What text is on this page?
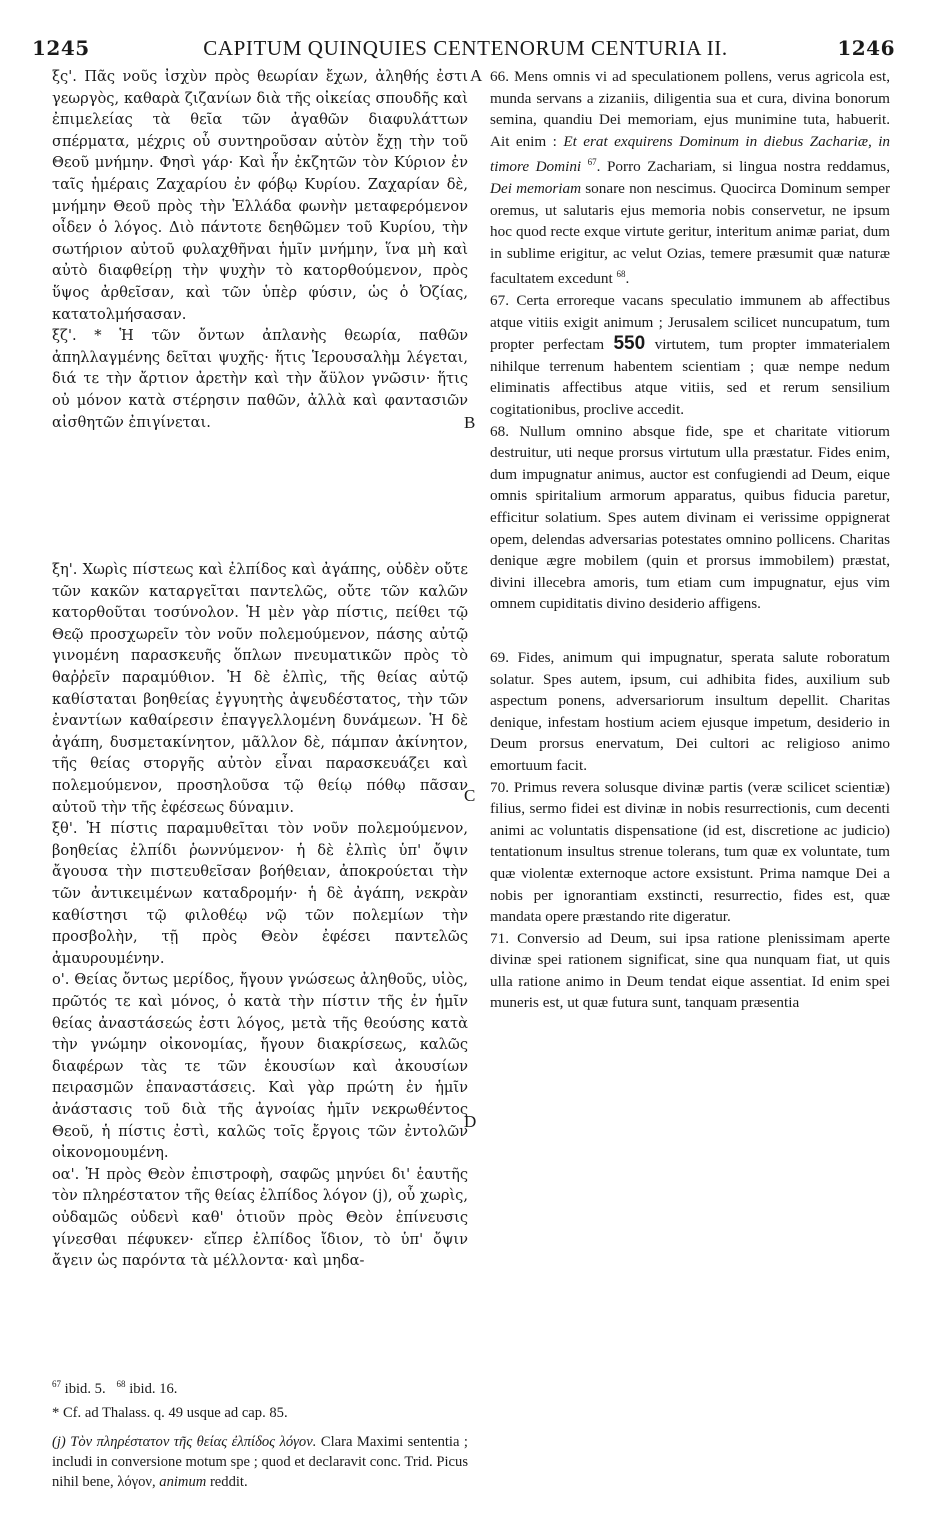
1245	CAPITUM QUINQUIES CENTENORUM CENTURIA II.	1246
A
B
C
D

ξς'. Πᾶς νοῦς ἰσχὺν πρὸς θεωρίαν ἔχων, ἀληθής ἐστι γεωργὸς, καθαρὰ ζιζανίων διὰ τῆς οἰκείας σπουδῆς καὶ ἐπιμελείας τὰ θεῖα τῶν ἀγαθῶν διαφυλάττων σπέρματα, μέχρις οὗ συντηροῦσαν αὐτὸν ἔχῃ τὴν τοῦ Θεοῦ μνήμην. Φησὶ γάρ· Καὶ ἦν ἐκζητῶν τὸν Κύριον ἐν ταῖς ἡμέραις Ζαχαρίου ἐν φόβῳ Κυρίου. Ζαχαρίαν δὲ, μνήμην Θεοῦ πρὸς τὴν Ἑλλάδα φωνὴν μεταφερόμενον οἶδεν ὁ λόγος. Διὸ πάντοτε δεηθῶμεν τοῦ Κυρίου, τὴν σωτήριον αὐτοῦ φυλαχθῆναι ἡμῖν μνήμην, ἵνα μὴ καὶ αὐτὸ διαφθείρῃ τὴν ψυχὴν τὸ κατορθούμενον, πρὸς ὕψος ἀρθεῖσαν, καὶ τῶν ὑπὲρ φύσιν, ὡς ὁ Ὀζίας, κατατολμήσασαν.

ξζ'. * Ἡ τῶν ὄντων ἀπλανὴς θεωρία, παθῶν ἀπηλλαγμένης δεῖται ψυχῆς· ἥτις Ἱερουσαλὴμ λέγεται, διά τε τὴν ἄρτιον ἀρετὴν καὶ τὴν ἄϋλον γνῶσιν· ἥτις οὐ μόνον κατὰ στέρησιν παθῶν, ἀλλὰ καὶ φαντασιῶν αἰσθητῶν ἐπιγίνεται.

ξη'. Χωρὶς πίστεως καὶ ἐλπίδος καὶ ἀγάπης, οὐδὲν οὔτε τῶν κακῶν καταργεῖται παντελῶς, οὔτε τῶν καλῶν κατορθοῦται τοσύνολον. Ἡ μὲν γὰρ πίστις, πείθει τῷ Θεῷ προσχωρεῖν τὸν νοῦν πολεμούμενον, πάσης αὐτῷ γινομένη παρασκευῆς ὅπλων πνευματικῶν πρὸς τὸ θαῤῥεῖν παραμύθιον. Ἡ δὲ ἐλπὶς, τῆς θείας αὐτῷ καθίσταται βοηθείας ἐγγυητὴς ἀψευδέστατος, τὴν τῶν ἐναντίων καθαίρεσιν ἐπαγγελλομένη δυνάμεων. Ἡ δὲ ἀγάπη, δυσμετακίνητον, μᾶλλον δὲ, πάμπαν ἀκίνητον, τῆς θείας στοργῆς αὐτὸν εἶναι παρασκευάζει καὶ πολεμούμενον, προσηλοῦσα τῷ θείῳ πόθῳ πᾶσαν αὐτοῦ τὴν τῆς ἐφέσεως δύναμιν.

ξθ'. Ἡ πίστις παραμυθεῖται τὸν νοῦν πολεμούμενον, βοηθείας ἐλπίδι ῥωννύμενον· ἡ δὲ ἐλπὶς ὑπ' ὄψιν ἄγουσα τὴν πιστευθεῖσαν βοήθειαν, ἀποκρούεται τὴν τῶν ἀντικειμένων καταδρομήν· ἡ δὲ ἀγάπη, νεκρὰν καθίστησι τῷ φιλοθέῳ νῷ τῶν πολεμίων τὴν προσβολὴν, τῇ πρὸς Θεὸν ἐφέσει παντελῶς ἀμαυρουμένην.

ο'. Θείας ὄντως μερίδος, ἤγουν γνώσεως ἀληθοῦς, υἱὸς, πρῶτός τε καὶ μόνος, ὁ κατὰ τὴν πίστιν τῆς ἐν ἡμῖν θείας ἀναστάσεώς ἐστι λόγος, μετὰ τῆς θεούσης κατὰ τὴν γνώμην οἰκονομίας, ἤγουν διακρίσεως, καλῶς διαφέρων τὰς τε τῶν ἑκουσίων καὶ ἀκουσίων πειρασμῶν ἐπαναστάσεις. Καὶ γὰρ πρώτη ἐν ἡμῖν ἀνάστασις τοῦ διὰ τῆς ἀγνοίας ἡμῖν νεκρωθέντος Θεοῦ, ἡ πίστις ἐστὶ, καλῶς τοῖς ἔργοις τῶν ἐντολῶν οἰκονομουμένη.

οα'. Ἡ πρὸς Θεὸν ἐπιστροφὴ, σαφῶς μηνύει δι' ἑαυτῆς τὸν πληρέστατον τῆς θείας ἐλπίδος λόγον (j), οὗ χωρὶς, οὐδαμῶς οὐδενὶ καθ' ὁτιοῦν πρὸς Θεὸν ἐπίνευσις γίνεσθαι πέφυκεν· εἴπερ ἐλπίδος ἴδιον, τὸ ὑπ' ὄψιν ἄγειν ὡς παρόντα τὰ μέλλοντα· καὶ μηδα-

66. Mens omnis vi ad speculationem pollens, verus agricola est, munda servans a zizaniis, diligentia sua et cura, divina bonorum semina, quandiu Dei memoriam, ejus munimine tuta, habuerit. Ait enim : Et erat exquirens Dominum in diebus Zachariæ, in timore Domini $^{67}$. Porro Zachariam, si lingua nostra reddamus, Dei memoriam sonare non nescimus. Quocirca Dominum semper oremus, ut salutaris ejus memoria nobis conservetur, ne ipsum hoc quod recte exque virtute geritur, interitum animæ pariat, dum in sublime erigitur, ac velut Ozias, temere præsumit quæ naturæ facultatem excedunt $^{68}$.

67. Certa erroreque vacans speculatio immunem ab affectibus atque vitiis exigit animum ; Jerusalem scilicet nuncupatum, tum propter perfectam 550 virtutem, tum propter immaterialem nihilque terrenum habentem scientiam ; quæ nempe nedum eliminatis affectibus atque vitiis, sed et rerum sensilium cogitationibus, proclive accedit.

68. Nullum omnino absque fide, spe et charitate vitiorum destruitur, uti neque prorsus virtutum ulla præstatur. Fides enim, dum impugnatur animus, auctor est confugiendi ad Deum, eique omnis spiritalium armorum apparatus, quibus fiducia paretur, efficitur solatium. Spes autem divinam ei verissime oppignerat opem, delendas adversarias potestates omnino pollicens. Charitas denique ægre mobilem (quin et prorsus immobilem) præstat, divini illecebra amoris, tum etiam cum impugnatur, ejus vim omnem cupiditatis divino desiderio affigens.

69. Fides, animum qui impugnatur, sperata salute roboratum solatur. Spes autem, ipsum, cui adhibita fides, auxilium sub aspectum ponens, adversariorum insultum depellit. Charitas denique, infestam hostium aciem ejusque impetum, desiderio in Deum prorsus enervatum, Dei cultori ac religioso animo emortuum facit.

70. Primus revera solusque divinæ partis (veræ scilicet scientiæ) filius, sermo fidei est divinæ in nobis resurrectionis, cum decenti animi ac voluntatis dispensatione (id est, discretione ac judicio) tentationum insultus strenue tolerans, tum quæ ex voluntate, tum quæ violentæ externoque actore exsistunt. Prima namque Dei a nobis per ignorantiam exstincti, resurrectio, fides est, quæ mandata opere præstando rite digeratur.

71. Conversio ad Deum, sui ipsa ratione plenissimam aperte divinæ spei rationem significat, sine qua nunquam fiat, ut quis ulla ratione animo in Deum tendat eique assentiat. Id enim spei muneris est, ut quæ futura sunt, tanquam præsentia

$^{67}$ ibid. 5. $^{68}$ ibid. 16.
* Cf. ad Thalass. q. 49 usque ad cap. 85.
(j) Τὸν πληρέστατον τῆς θείας ἐλπίδος λόγον. Clara Maximi sententia ; includi in conversione motum spe ; quod et declaravit conc. Trid. Picus nihil bene, λόγον, animum reddit.
